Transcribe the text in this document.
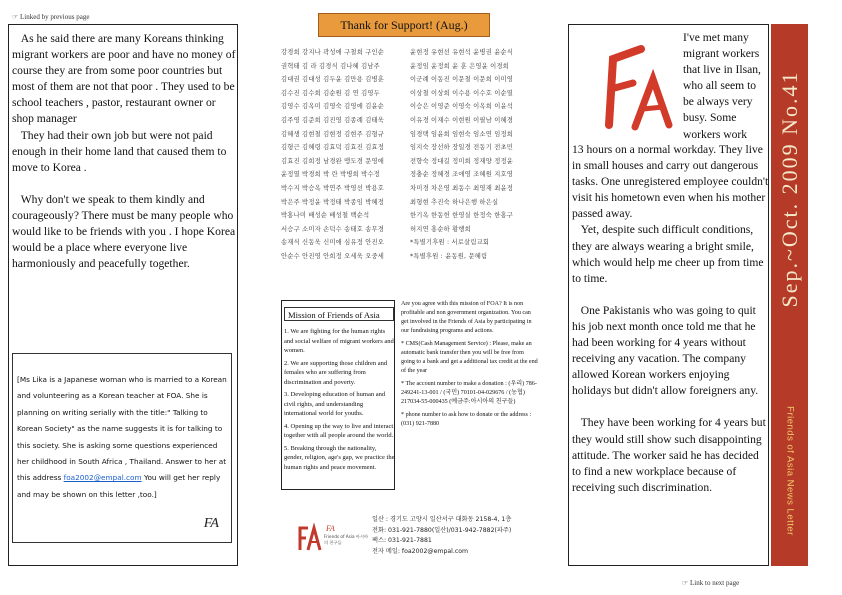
☞ Linked by previous page
☞ Link to next page

As he said there are many Koreans thinking migrant workers are poor and have no money of course they are from some poor countries but most of them are not that poor . They used to be school teachers , pastor, restaurant owner or shop manager

They had their own job but were not paid enough in their home land that caused them to move to Korea .

Why don't we speak to them kindly and courageously? There must be many people who would like to be friends with you . I hope Korea would be a place where everyone live harmoniously and peacefully together.

[Ms Lika is a Japanese woman who is married to a Korean and volunteering as a Korean teacher at FOA. She is planning on writing serially with the title:" Talking to Korean Society" as the name suggests it is for talking to this society. She is asking some questions experienced her childhood in South Africa , Thailand. Answer to her at this address foa2002@empal.com You will get her reply and may be shown on this letter ,too.]
FA
Thank for Support! (Aug.)
강경희 강지나 곽성애 구철희 구인순	윤현정 유현선 유현석 윤병권 윤순식
권혁태 김 라 김경식 김나혜 김남주	윤정임 윤정희 윤 훈 은영윤 이경희
김대권 김대성 김두윤 김만용 김병훈	이군례 이동진 이문철 이문희 이미영
김수진 김수희 김순원 김 연 김영두	이상철 이상희 이수용 이수호 이순열
김영수 김옥미 김영숙 김영애 김윤순	이승은 이영준 이영숙 이옥희 이윤석
김주영 김준희 김진영 김종례 김태욱	이유경 이재수 이현원 이필남 이혜경
김혜생 김현철 김현정 김현주 김형규	임경택 임윤희 임현숙 임소연 임정희
김형근 김혜령 김효덕 김효진 김효정	임지숙 장선하 장일경 전동기 전초민
김효진 김희정 남경완 맹도경 문영애	전향숙 정대길 정미희 정재양 정정윤
윤정열 박경희 박 란 박병희 박수정	정충순 정혜경 조애영 조혜원 지호영
박수지 박승옥 박연주 박영선 박용호	차미경 차은영 최동수 최영재 최윤정
박은주 박정윤 박정태 박종임 박혜정	최형현 추진숙 하나은행 하은실
박홍나미 배성순 배성철 백순석	한기옥 한동헌 한영실 한정숙 한홍구
서승구 소미자 손덕수 송태호 송무경	허지연 홍순하 황행희
송재식 신동욱 신미애 심유정 안진오	*특별기후원 : 서로살림교회
안순수 안진영 안희정 오세욱 오중세	*특별후원 : 윤동원, 문혜림
Mission of Friends of Asia

1. We are fighting for the human rights and social welfare of migrant workers and women.

2. We are supporting those children and females who are suffering from discrimination and poverty.

3. Developing education of human and civil rights, and understanding international world for youths.

4. Opening up the way to live and interact together with all people around the world.

5. Breaking through the nationality, gender, religion, age's gap, we practice the human rights and peace movement.

Are you agree with this mission of FOA? It is non profitable and non government organization. You can get involved in the Friends of Asia by participating in our fundraising programs and actions.

* CMS(Cash Management Service) : Please, make an automatic bank transfer then you will be free from going to a bank and get a additional tax credit at the end of the year

* The account number to make a donation : (우리) 786-249241-13-001 / (국민) 70101-04-029676 / (농협) 217034-55-000435 (예금주:아시아의 친구들)

* phone number to ask how to donate or the address : (031) 921-7880

FA
Friends of Asia 아시아의 친구들
일산 : 경기도 고양시 일산서구 대화동 2158-4, 1층
전화: 031-921-7880(일산)/031-942-7882(파주)
팩스: 031-921-7881
전자 메일: foa2002@empal.com
I've met many
migrant workers
that live in Ilsan,
who all seem to
be always very
busy. Some
workers work

13 hours on a normal workday. They live in small houses and carry out dangerous tasks. One unregistered employee couldn't visit his hometown even when his mother passed away.

Yet, despite such difficult conditions, they are always wearing a bright smile, which would help me cheer up from time to time.

One Pakistanis who was going to quit his job next month once told me that he had been working for 4 years without receiving any vacation. The company allowed Korean workers enjoying holidays but didn't allow foreigners any.

They have been working for 4 years but they would still show such disappointing attitude. The worker said he has decided to find a new workplace because of receiving such discrimination.

Sep.~Oct. 2009 No.41
Friends of Asia News Letter
